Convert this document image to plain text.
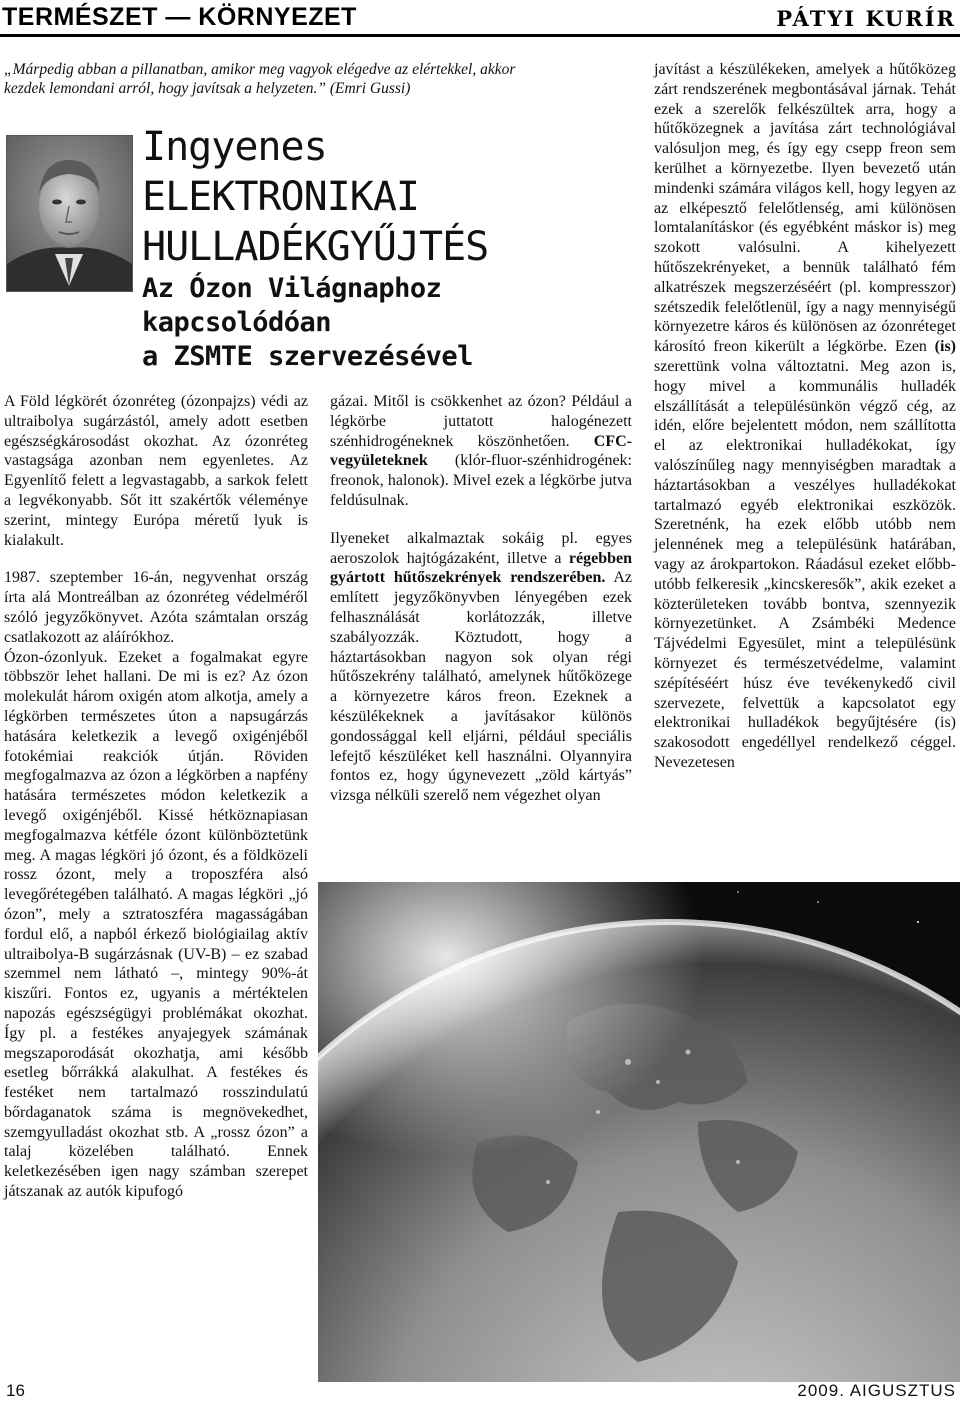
TERMÉSZET — KÖRNYEZET	PÁTYI KURÍR
„Márpedig abban a pillanatban, amikor meg vagyok elégedve az elértekkel, akkor kezdek lemondani arról, hogy javítsak a helyzeten.” (Emri Gussi)
Ingyenes
ELEKTRONIKAI
HULLADÉKGYŰJTÉS
Az Ózon Világnaphoz
kapcsolódóan
a ZSMTE szervezésével

A Föld légkörét ózonréteg (ózonpajzs) védi az ultraibolya sugárzástól, amely adott esetben egészségkárosodást okozhat. Az ózonréteg vastagsága azonban nem egyenletes. Az Egyenlítő felett a legvastagabb, a sarkok felett a legvékonyabb. Sőt itt szakértők véleménye szerint, mintegy Európa méretű lyuk is kialakult.

1987. szeptember 16-án, negyvenhat ország írta alá Montreálban az ózonréteg védelméről szóló jegyzőkönyvet. Azóta számtalan ország csatlakozott az aláírókhoz.

Ózon-ózonlyuk. Ezeket a fogalmakat egyre többször lehet hallani. De mi is ez? Az ózon molekulát három oxigén atom alkotja, amely a légkörben természetes úton a napsugárzás hatására keletkezik a levegő oxigénjéből fotokémiai reakciók útján. Röviden megfogalmazva az ózon a légkörben a napfény hatására természetes módon keletkezik a levegő oxigénjéből. Kissé hétköznapiasan megfogalmazva kétféle ózont különböztetünk meg. A magas légköri jó ózont, és a földközeli rossz ózont, mely a troposzféra alsó levegőrétegében található. A magas légköri „jó ózon”, mely a sztratoszféra magasságában fordul elő, a napból érkező biológiailag aktív ultraibolya-B sugárzásnak (UV-B) – ez szabad szemmel nem látható –, mintegy 90%-át kiszűri. Fontos ez, ugyanis a mértéktelen napozás egészségügyi problémákat okozhat. Így pl. a festékes anyajegyek számának megszaporodását okozhatja, ami később esetleg bőrrákká alakulhat. A festékes és festéket nem tartalmazó rosszindulatú bőrdaganatok száma is megnövekedhet, szemgyulladást okozhat stb. A „rossz ózon” a talaj közelében található. Ennek keletkezésében igen nagy számban szerepet játszanak az autók kipufogó

gázai. Mitől is csökkenhet az ózon? Például a légkörbe juttatott halogénezett szénhidrogéneknek köszönhetően. CFC-vegyületeknek (klór-fluor-szénhidrogének: freonok, halonok). Mivel ezek a légkörbe jutva feldúsulnak.

Ilyeneket alkalmaztak sokáig pl. egyes aeroszolok hajtógázaként, illetve a régebben gyártott hűtőszekrények rendszerében. Az említett jegyzőkönyvben lényegében ezek felhasználását korlátozzák, illetve szabályozzák. Köztudott, hogy a háztartásokban nagyon sok olyan régi hűtőszekrény található, amelynek hűtőközege a környezetre káros freon. Ezeknek a készülékeknek a javításakor különös gondossággal kell eljárni, például speciális lefejtő készüléket kell használni. Olyannyira fontos ez, hogy úgynevezett „zöld kártyás” vizsga nélküli szerelő nem végezhet olyan

javítást a készülékeken, amelyek a hűtőközeg zárt rendszerének megbontásával járnak. Tehát ezek a szerelők felkészültek arra, hogy a hűtőközegnek a javítása zárt technológiával valósuljon meg, és így egy csepp freon sem kerülhet a környezetbe. Ilyen bevezető után mindenki számára világos kell, hogy legyen az az elképesztő felelőtlenség, ami különösen lomtalanításkor (és egyébként máskor is) meg szokott valósulni. A kihelyezett hűtőszekrényeket, a bennük található fém alkatrészek megszerzéséért (pl. kompresszor) szétszedik felelőtlenül, így a nagy mennyiségű környezetre káros és különösen az ózonréteget károsító freon kikerült a légkörbe. Ezen (is) szerettünk volna változtatni. Meg azon is, hogy mivel a kommunális hulladék elszállítását a településünkön végző cég, az idén, előre bejelentett módon, nem szállította el az elektronikai hulladékokat, így valószínűleg nagy mennyiségben maradtak a háztartásokban a veszélyes hulladékokat tartalmazó egyéb elektronikai eszközök. Szeretnénk, ha ezek előbb utóbb nem jelennének meg a településünk határában, vagy az árokpartokon. Ráadásul ezeket előbb-utóbb felkeresik „kincskeresők”, akik ezeket a közterületeken tovább bontva, szennyezik környezetünket. A Zsámbéki Medence Tájvédelmi Egyesület, mint a településünk környezet és természetvédelme, valamint szépítéséért húsz éve tevékenykedő civil szervezete, felvettük a kapcsolatot egy elektronikai hulladékok begyűjtésére (is) szakosodott engedéllyel rendelkező céggel. Nevezetesen

16	2009. AIGUSZTUS
